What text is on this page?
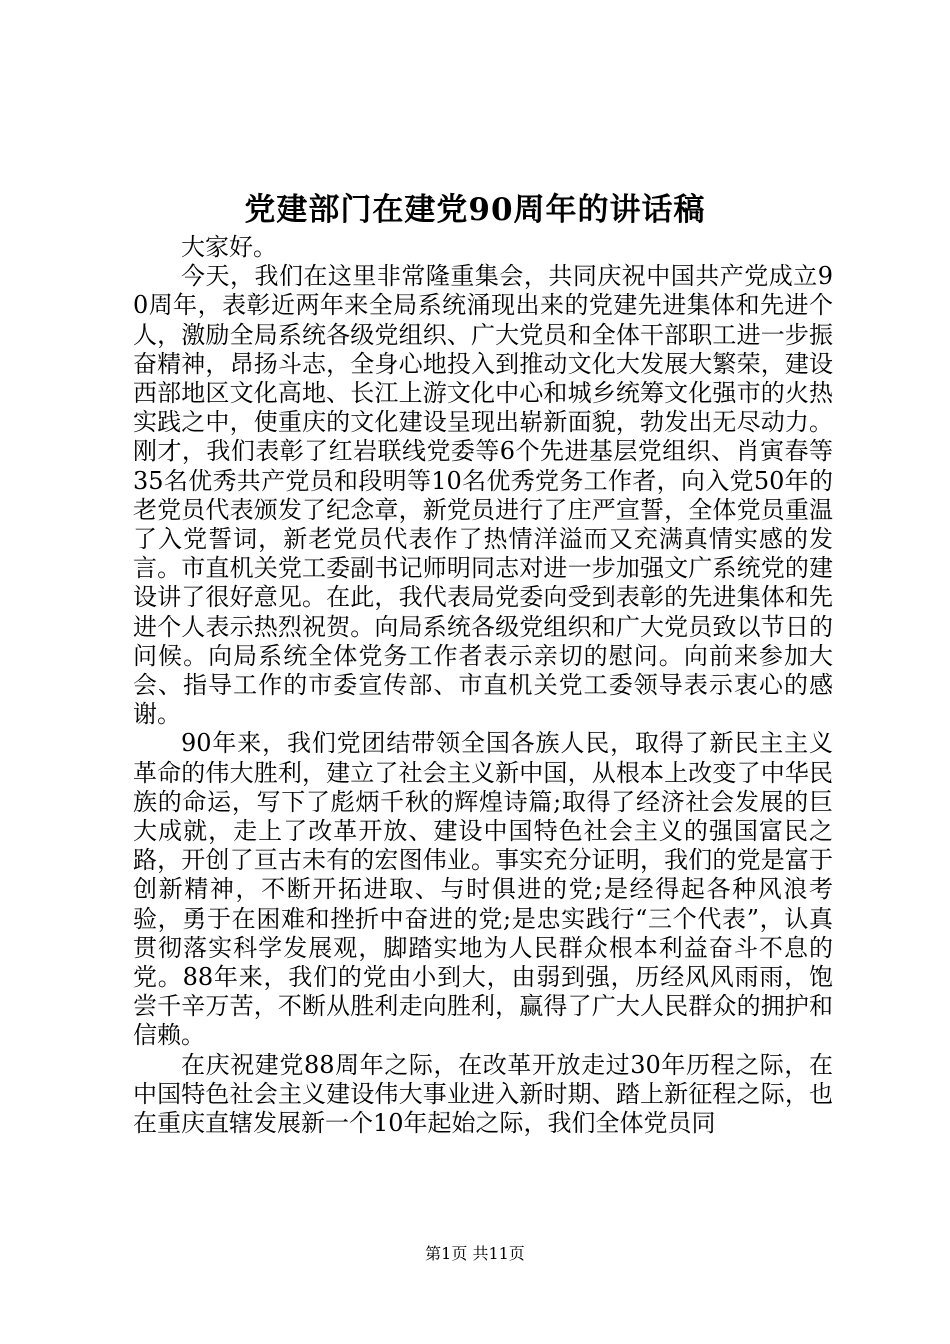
党建部门在建党90周年的讲话稿

大家好。

今天，我们在这里非常隆重集会，共同庆祝中国共产党成立90周年，表彰近两年来全局系统涌现出来的党建先进集体和先进个人，激励全局系统各级党组织、广大党员和全体干部职工进一步振奋精神，昂扬斗志，全身心地投入到推动文化大发展大繁荣，建设西部地区文化高地、长江上游文化中心和城乡统筹文化强市的火热实践之中，使重庆的文化建设呈现出崭新面貌，勃发出无尽动力。刚才，我们表彰了红岩联线党委等6个先进基层党组织、肖寅春等35名优秀共产党员和段明等10名优秀党务工作者，向入党50年的老党员代表颁发了纪念章，新党员进行了庄严宣誓，全体党员重温了入党誓词，新老党员代表作了热情洋溢而又充满真情实感的发言。市直机关党工委副书记师明同志对进一步加强文广系统党的建设讲了很好意见。在此，我代表局党委向受到表彰的先进集体和先进个人表示热烈祝贺。向局系统各级党组织和广大党员致以节日的问候。向局系统全体党务工作者表示亲切的慰问。向前来参加大会、指导工作的市委宣传部、市直机关党工委领导表示衷心的感谢。

90年来，我们党团结带领全国各族人民，取得了新民主主义革命的伟大胜利，建立了社会主义新中国，从根本上改变了中华民族的命运，写下了彪炳千秋的辉煌诗篇;取得了经济社会发展的巨大成就，走上了改革开放、建设中国特色社会主义的强国富民之路，开创了亘古未有的宏图伟业。事实充分证明，我们的党是富于创新精神，不断开拓进取、与时俱进的党;是经得起各种风浪考验，勇于在困难和挫折中奋进的党;是忠实践行“三个代表”，认真贯彻落实科学发展观，脚踏实地为人民群众根本利益奋斗不息的党。88年来，我们的党由小到大，由弱到强，历经风风雨雨，饱尝千辛万苦，不断从胜利走向胜利，赢得了广大人民群众的拥护和信赖。

在庆祝建党88周年之际，在改革开放走过30年历程之际，在中国特色社会主义建设伟大事业进入新时期、踏上新征程之际，也在重庆直辖发展新一个10年起始之际，我们全体党员同

第1页 共11页
